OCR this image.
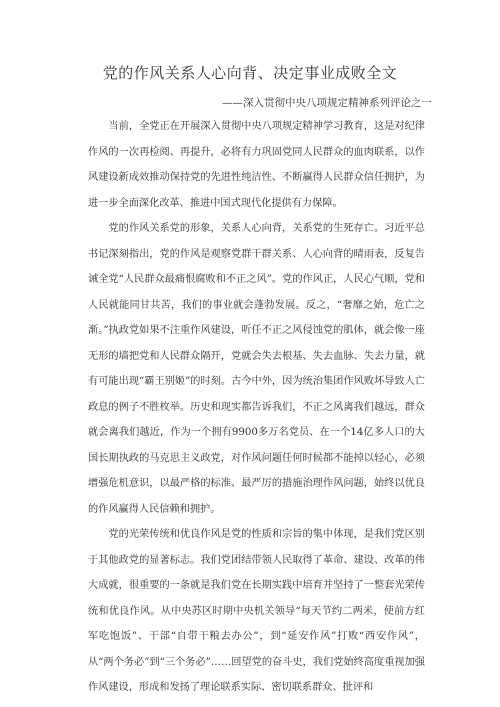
党的作风关系人心向背、决定事业成败全文
——深入贯彻中央八项规定精神系列评论之一

当前，全党正在开展深入贯彻中央八项规定精神学习教育，这是对纪律作风的一次再检阅、再提升，必将有力巩固党同人民群众的血肉联系，以作风建设新成效推动保持党的先进性纯洁性、不断赢得人民群众信任拥护，为进一步全面深化改革、推进中国式现代化提供有力保障。

党的作风关系党的形象，关系人心向背，关系党的生死存亡。习近平总书记深刻指出，党的作风是观察党群干群关系、人心向背的晴雨表，反复告诫全党“人民群众最痛恨腐败和不正之风”。党的作风正，人民心气顺，党和人民就能同甘共苦，我们的事业就会蓬勃发展。反之，“奢靡之始，危亡之渐。”执政党如果不注重作风建设，听任不正之风侵蚀党的肌体，就会像一座无形的墙把党和人民群众隔开，党就会失去根基、失去血脉、失去力量，就有可能出现“霸王别姬”的时刻。古今中外，因为统治集团作风败坏导致人亡政息的例子不胜枚举。历史和现实都告诉我们，不正之风离我们越远，群众就会离我们越近，作为一个拥有9900多万名党员、在一个14亿多人口的大国长期执政的马克思主义政党，对作风问题任何时候都不能掉以轻心，必须增强危机意识，以最严格的标准、最严厉的措施治理作风问题，始终以优良的作风赢得人民信赖和拥护。

党的光荣传统和优良作风是党的性质和宗旨的集中体现，是我们党区别于其他政党的显著标志。我们党团结带领人民取得了革命、建设、改革的伟大成就，很重要的一条就是我们党在长期实践中培育并坚持了一整套光荣传统和优良作风。从中央苏区时期中央机关领导“每天节约二两米，使前方红军吃饱饭”、干部“自带干粮去办公”，到“延安作风”打败“西安作风”，从“两个务必”到“三个务必”……回望党的奋斗史，我们党始终高度重视加强作风建设，形成和发扬了理论联系实际、密切联系群众、批评和
